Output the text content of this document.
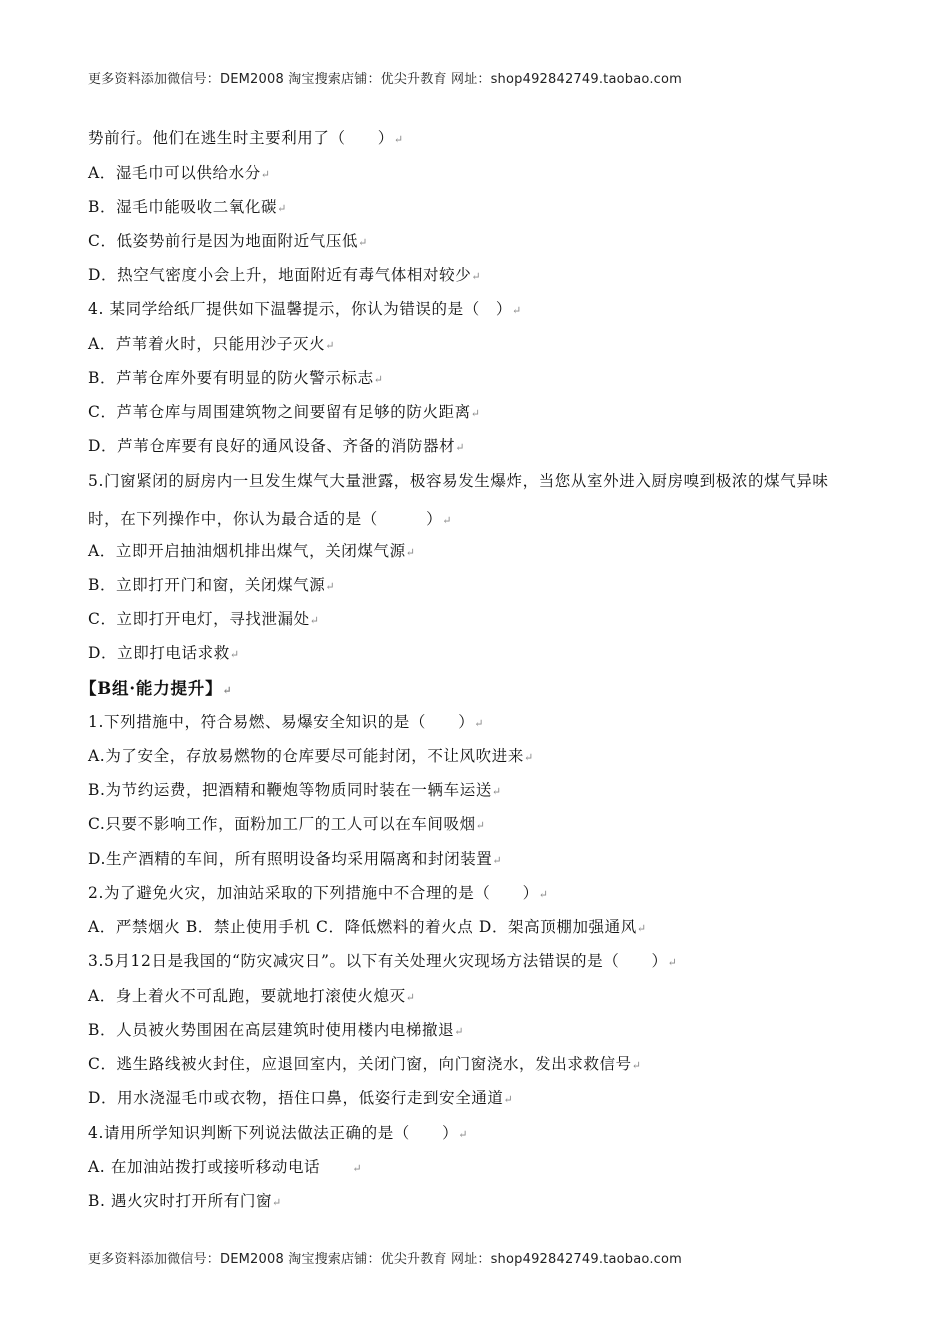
更多资料添加微信号：DEM2008 淘宝搜索店铺：优尖升教育 网址：shop492842749.taobao.com
势前行。他们在逃生时主要利用了（　　）↵
A．湿毛巾可以供给水分↵
B．湿毛巾能吸收二氧化碳↵
C．低姿势前行是因为地面附近气压低↵
D．热空气密度小会上升，地面附近有毒气体相对较少↵
4. 某同学给纸厂提供如下温馨提示，你认为错误的是（　）↵
A．芦苇着火时，只能用沙子灭火↵
B．芦苇仓库外要有明显的防火警示标志↵
C．芦苇仓库与周围建筑物之间要留有足够的防火距离↵
D．芦苇仓库要有良好的通风设备、齐备的消防器材↵
5.门窗紧闭的厨房内一旦发生煤气大量泄露，极容易发生爆炸，当您从室外进入厨房嗅到极浓的煤气异味
时，在下列操作中，你认为最合适的是（　　　）↵
A．立即开启抽油烟机排出煤气，关闭煤气源↵
B．立即打开门和窗，关闭煤气源↵
C．立即打开电灯，寻找泄漏处↵
D．立即打电话求救↵
【B组·能力提升】↵
1.下列措施中，符合易燃、易爆安全知识的是（　　）↵
A.为了安全，存放易燃物的仓库要尽可能封闭，不让风吹进来↵
B.为节约运费，把酒精和鞭炮等物质同时装在一辆车运送↵
C.只要不影响工作，面粉加工厂的工人可以在车间吸烟↵
D.生产酒精的车间，所有照明设备均采用隔离和封闭装置↵
2.为了避免火灾，加油站采取的下列措施中不合理的是（　　）↵
A．严禁烟火 B．禁止使用手机 C．降低燃料的着火点 D．架高顶棚加强通风↵
3.5月12日是我国的“防灾减灾日”。以下有关处理火灾现场方法错误的是（　　）↵
A．身上着火不可乱跑，要就地打滚使火熄灭↵
B．人员被火势围困在高层建筑时使用楼内电梯撤退↵
C．逃生路线被火封住，应退回室内，关闭门窗，向门窗浇水，发出求救信号↵
D．用水浇湿毛巾或衣物，捂住口鼻，低姿行走到安全通道↵
4.请用所学知识判断下列说法做法正确的是（　　）↵
A. 在加油站拨打或接听移动电话　　↵
B. 遇火灾时打开所有门窗↵
更多资料添加微信号：DEM2008 淘宝搜索店铺：优尖升教育 网址：shop492842749.taobao.com
